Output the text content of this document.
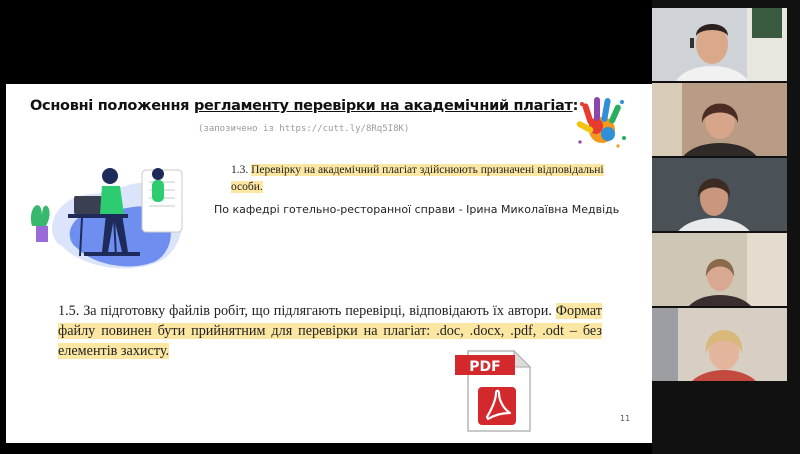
Основні положення регламенту перевірки на академічний плагіат:
(запозичено із https://cutt.ly/8Rq5I8K)
1.3. Перевірку на академічний плагіат здійснюють призначені відповідальні особи.
По кафедрі готельно-ресторанної справи - Ірина Миколаївна Медвідь
1.5. За підготовку файлів робіт, що підлягають перевірці, відповідають їх автори. Формат файлу повинен бути прийнятним для перевірки на плагіат: .doc, .docx, .pdf, .odt – без елементів захисту.
PDF
11
